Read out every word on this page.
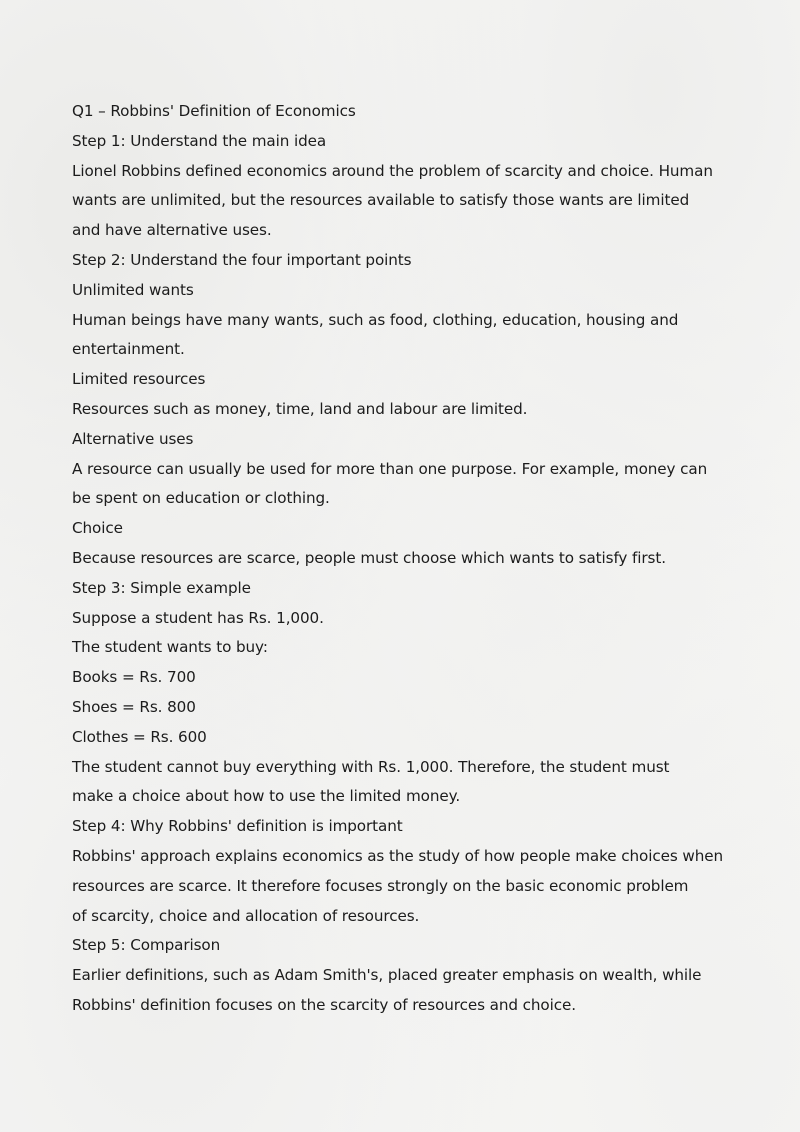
Q1 – Robbins' Definition of Economics
Step 1: Understand the main idea
Lionel Robbins defined economics around the problem of scarcity and choice. Human
wants are unlimited, but the resources available to satisfy those wants are limited
and have alternative uses.
Step 2: Understand the four important points
Unlimited wants
Human beings have many wants, such as food, clothing, education, housing and
entertainment.
Limited resources
Resources such as money, time, land and labour are limited.
Alternative uses
A resource can usually be used for more than one purpose. For example, money can
be spent on education or clothing.
Choice
Because resources are scarce, people must choose which wants to satisfy first.
Step 3: Simple example
Suppose a student has Rs. 1,000.
The student wants to buy:
Books = Rs. 700
Shoes = Rs. 800
Clothes = Rs. 600
The student cannot buy everything with Rs. 1,000. Therefore, the student must
make a choice about how to use the limited money.
Step 4: Why Robbins' definition is important
Robbins' approach explains economics as the study of how people make choices when
resources are scarce. It therefore focuses strongly on the basic economic problem
of scarcity, choice and allocation of resources.
Step 5: Comparison
Earlier definitions, such as Adam Smith's, placed greater emphasis on wealth, while
Robbins' definition focuses on the scarcity of resources and choice.
